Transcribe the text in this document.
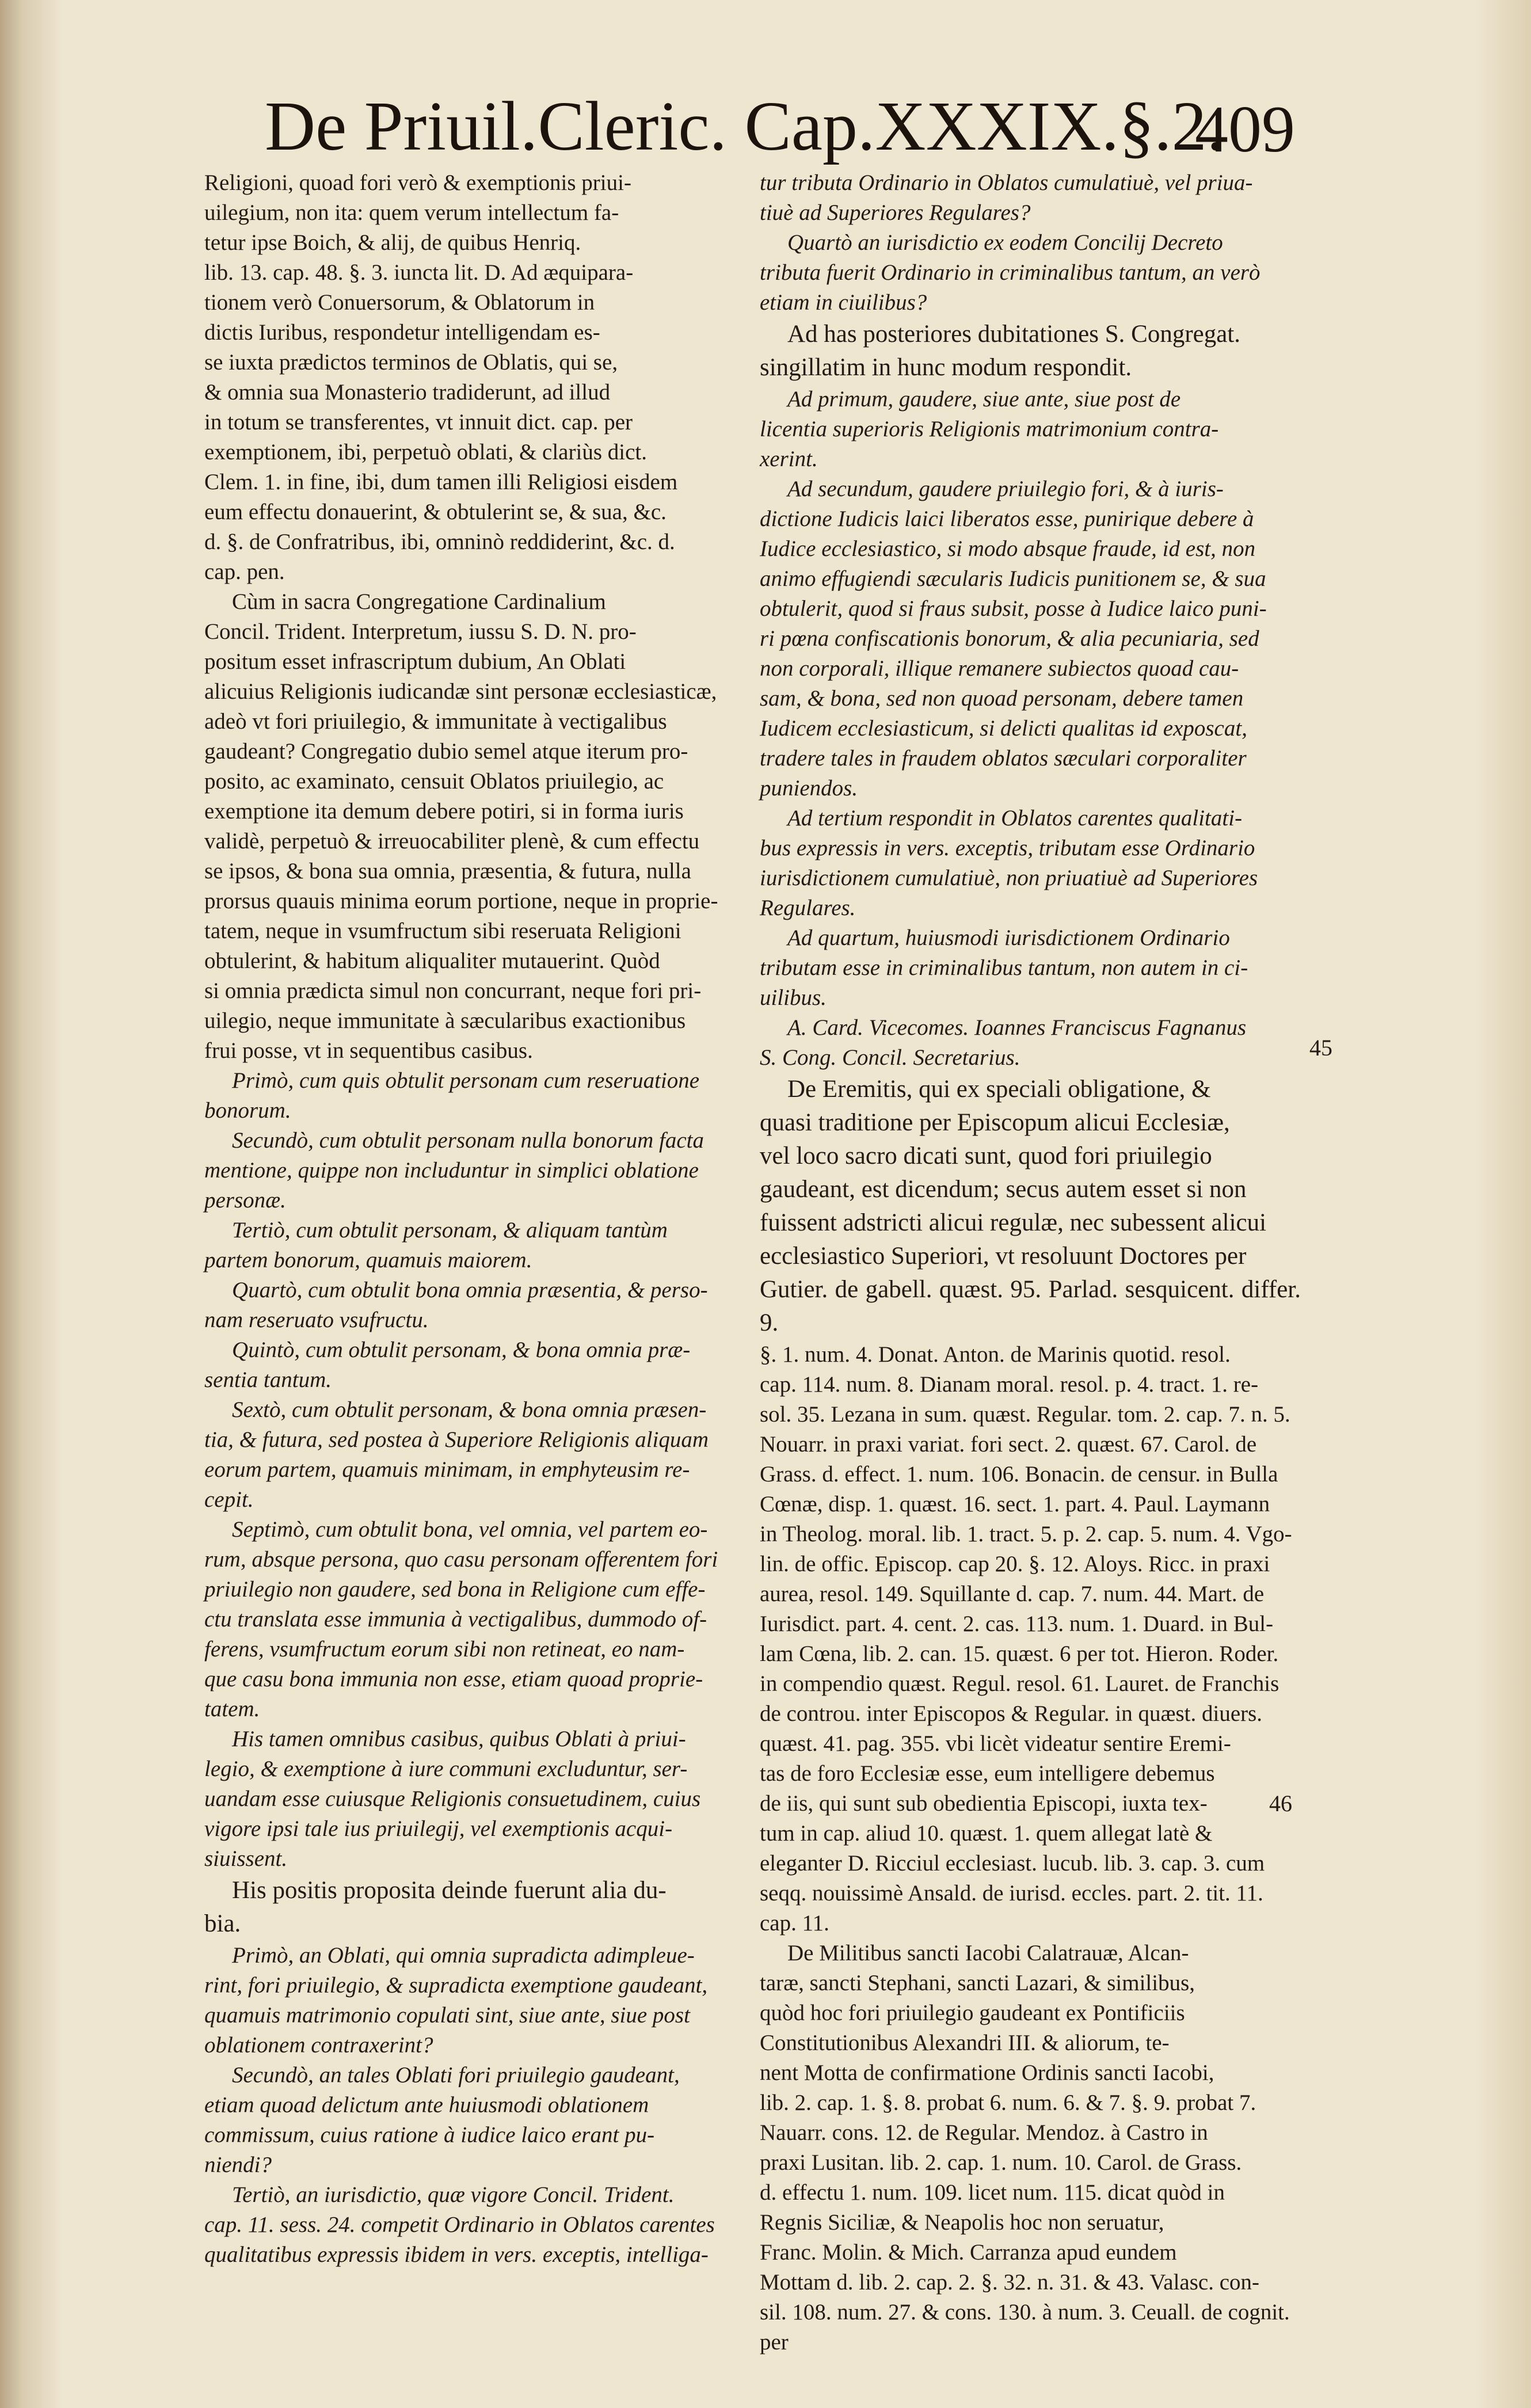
De Priuil.Cleric. Cap.XXXIX.§.2.
409

Religioni, quoad fori verò & exemptionis priui-
uilegium, non ita: quem verum intellectum fa-
tetur ipse Boich, & alij, de quibus Henriq.
lib. 13. cap. 48. §. 3. iuncta lit. D. Ad æquipara-
tionem verò Conuersorum, & Oblatorum in
dictis Iuribus, respondetur intelligendam es-
se iuxta prædictos terminos de Oblatis, qui se,
& omnia sua Monasterio tradiderunt, ad illud
in totum se transferentes, vt innuit dict. cap. per
exemptionem, ibi, perpetuò oblati, & clariùs dict.
Clem. 1. in fine, ibi, dum tamen illi Religiosi eisdem
eum effectu donauerint, & obtulerint se, & sua, &c.
d. §. de Confratribus, ibi, omninò reddiderint, &c. d.
cap. pen.

Cùm in sacra Congregatione Cardinalium
Concil. Trident. Interpretum, iussu S. D. N. pro-
positum esset infrascriptum dubium, An Oblati
alicuius Religionis iudicandæ sint personæ ecclesiasticæ,
adeò vt fori priuilegio, & immunitate à vectigalibus
gaudeant? Congregatio dubio semel atque iterum pro-
posito, ac examinato, censuit Oblatos priuilegio, ac
exemptione ita demum debere potiri, si in forma iuris
validè, perpetuò & irreuocabiliter plenè, & cum effectu
se ipsos, & bona sua omnia, præsentia, & futura, nulla
prorsus quauis minima eorum portione, neque in proprie-
tatem, neque in vsumfructum sibi reseruata Religioni
obtulerint, & habitum aliqualiter mutauerint. Quòd
si omnia prædicta simul non concurrant, neque fori pri-
uilegio, neque immunitate à sæcularibus exactionibus
frui posse, vt in sequentibus casibus.

Primò, cum quis obtulit personam cum reseruatione
bonorum.

Secundò, cum obtulit personam nulla bonorum facta
mentione, quippe non includuntur in simplici oblatione
personæ.

Tertiò, cum obtulit personam, & aliquam tantùm
partem bonorum, quamuis maiorem.

Quartò, cum obtulit bona omnia præsentia, & perso-
nam reseruato vsufructu.

Quintò, cum obtulit personam, & bona omnia præ-
sentia tantum.

Sextò, cum obtulit personam, & bona omnia præsen-
tia, & futura, sed postea à Superiore Religionis aliquam
eorum partem, quamuis minimam, in emphyteusim re-
cepit.

Septimò, cum obtulit bona, vel omnia, vel partem eo-
rum, absque persona, quo casu personam offerentem fori
priuilegio non gaudere, sed bona in Religione cum effe-
ctu translata esse immunia à vectigalibus, dummodo of-
ferens, vsumfructum eorum sibi non retineat, eo nam-
que casu bona immunia non esse, etiam quoad proprie-
tatem.

His tamen omnibus casibus, quibus Oblati à priui-
legio, & exemptione à iure communi excluduntur, ser-
uandam esse cuiusque Religionis consuetudinem, cuius
vigore ipsi tale ius priuilegij, vel exemptionis acqui-
siuissent.

His positis proposita deinde fuerunt alia du-
bia.

Primò, an Oblati, qui omnia supradicta adimpleue-
rint, fori priuilegio, & supradicta exemptione gaudeant,
quamuis matrimonio copulati sint, siue ante, siue post
oblationem contraxerint?

Secundò, an tales Oblati fori priuilegio gaudeant,
etiam quoad delictum ante huiusmodi oblationem
commissum, cuius ratione à iudice laico erant pu-
niendi?

Tertiò, an iurisdictio, quæ vigore Concil. Trident.
cap. 11. sess. 24. competit Ordinario in Oblatos carentes
qualitatibus expressis ibidem in vers. exceptis, intelliga-

tur tributa Ordinario in Oblatos cumulatiuè, vel priua-
tiuè ad Superiores Regulares?

Quartò an iurisdictio ex eodem Concilij Decreto
tributa fuerit Ordinario in criminalibus tantum, an verò
etiam in ciuilibus?

Ad has posteriores dubitationes S. Congregat.
singillatim in hunc modum respondit.

Ad primum, gaudere, siue ante, siue post de
licentia superioris Religionis matrimonium contra-
xerint.

Ad secundum, gaudere priuilegio fori, & à iuris-
dictione Iudicis laici liberatos esse, punirique debere à
Iudice ecclesiastico, si modo absque fraude, id est, non
animo effugiendi sæcularis Iudicis punitionem se, & sua
obtulerit, quod si fraus subsit, posse à Iudice laico puni-
ri pœna confiscationis bonorum, & alia pecuniaria, sed
non corporali, illique remanere subiectos quoad cau-
sam, & bona, sed non quoad personam, debere tamen
Iudicem ecclesiasticum, si delicti qualitas id exposcat,
tradere tales in fraudem oblatos sæculari corporaliter
puniendos.

Ad tertium respondit in Oblatos carentes qualitati-
bus expressis in vers. exceptis, tributam esse Ordinario
iurisdictionem cumulatiuè, non priuatiuè ad Superiores
Regulares.

Ad quartum, huiusmodi iurisdictionem Ordinario
tributam esse in criminalibus tantum, non autem in ci-
uilibus.

A. Card. Vicecomes. Ioannes Franciscus Fagnanus
S. Cong. Concil. Secretarius.

De Eremitis, qui ex speciali obligatione, &
quasi traditione per Episcopum alicui Ecclesiæ,
vel loco sacro dicati sunt, quod fori priuilegio
gaudeant, est dicendum; secus autem esset si non
fuissent adstricti alicui regulæ, nec subessent alicui
ecclesiastico Superiori, vt resoluunt Doctores per
Gutier. de gabell. quæst. 95. Parlad. sesquicent. differ. 9.

§. 1. num. 4. Donat. Anton. de Marinis quotid. resol.
cap. 114. num. 8. Dianam moral. resol. p. 4. tract. 1. re-
sol. 35. Lezana in sum. quæst. Regular. tom. 2. cap. 7. n. 5.
Nouarr. in praxi variat. fori sect. 2. quæst. 67. Carol. de
Grass. d. effect. 1. num. 106. Bonacin. de censur. in Bulla
Cœnæ, disp. 1. quæst. 16. sect. 1. part. 4. Paul. Laymann
in Theolog. moral. lib. 1. tract. 5. p. 2. cap. 5. num. 4. Vgo-
lin. de offic. Episcop. cap 20. §. 12. Aloys. Ricc. in praxi
aurea, resol. 149. Squillante d. cap. 7. num. 44. Mart. de
Iurisdict. part. 4. cent. 2. cas. 113. num. 1. Duard. in Bul-
lam Cœna, lib. 2. can. 15. quæst. 6 per tot. Hieron. Roder.
in compendio quæst. Regul. resol. 61. Lauret. de Franchis
de controu. inter Episcopos & Regular. in quæst. diuers.
quæst. 41. pag. 355. vbi licèt videatur sentire Eremi-
tas de foro Ecclesiæ esse, eum intelligere debemus
de iis, qui sunt sub obedientia Episcopi, iuxta tex-
tum in cap. aliud 10. quæst. 1. quem allegat latè &
eleganter D. Ricciul ecclesiast. lucub. lib. 3. cap. 3. cum
seqq. nouissimè Ansald. de iurisd. eccles. part. 2. tit. 11.
cap. 11.

De Militibus sancti Iacobi Calatrauæ, Alcan-
taræ, sancti Stephani, sancti Lazari, & similibus,
quòd hoc fori priuilegio gaudeant ex Pontificiis
Constitutionibus Alexandri III. & aliorum, te-
nent Motta de confirmatione Ordinis sancti Iacobi,
lib. 2. cap. 1. §. 8. probat 6. num. 6. & 7. §. 9. probat 7.
Nauarr. cons. 12. de Regular. Mendoz. à Castro in
praxi Lusitan. lib. 2. cap. 1. num. 10. Carol. de Grass.
d. effectu 1. num. 109. licet num. 115. dicat quòd in
Regnis Siciliæ, & Neapolis hoc non seruatur,
Franc. Molin. & Mich. Carranza apud eundem
Mottam d. lib. 2. cap. 2. §. 32. n. 31. & 43. Valasc. con-
sil. 108. num. 27. & cons. 130. à num. 3. Ceuall. de cognit.
per

45
46
